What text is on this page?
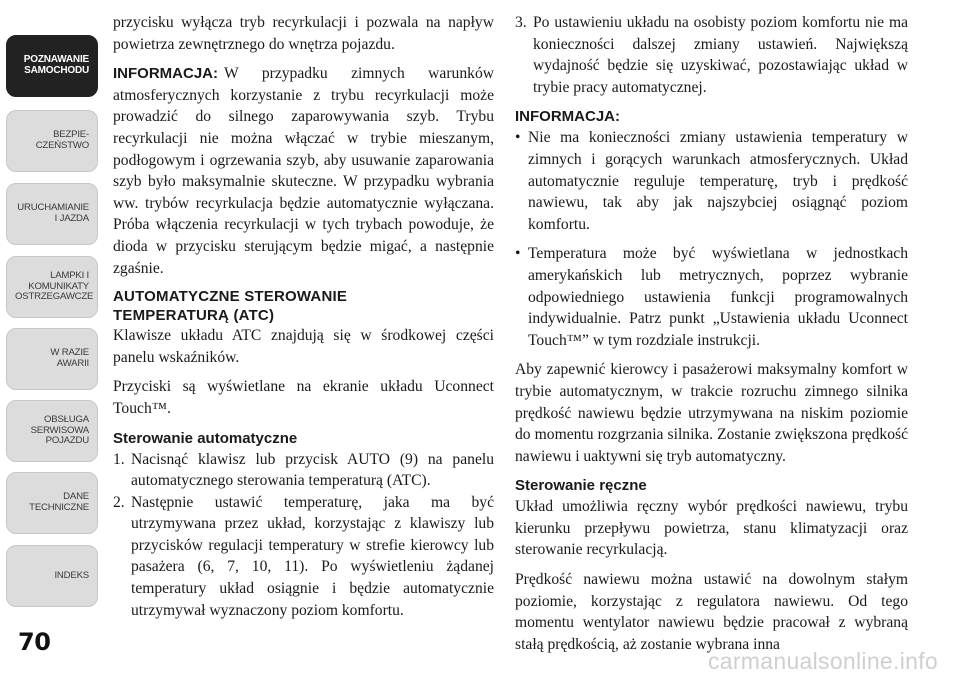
POZNAWANIE
SAMOCHODU
BEZPIE-
CZEŃSTWO
URUCHAMIANIE
I JAZDA
LAMPKI I
KOMUNIKATY
OSTRZEGAWCZE
W RAZIE
AWARII
OBSŁUGA
SERWISOWA
POJAZDU
DANE
TECHNICZNE
INDEKS
70

przycisku wyłącza tryb recyrkulacji i pozwala na napływ powietrza zewnętrznego do wnętrza pojazdu.

INFORMACJA: W przypadku zimnych warunków atmosferycznych korzystanie z trybu recyrkulacji może prowadzić do silnego zaparowywania szyb. Trybu recyrkulacji nie można włączać w trybie mieszanym, podłogowym i ogrzewania szyb, aby usuwanie zaparowania szyb było maksymalnie skuteczne. W przypadku wybrania ww. trybów recyrkulacja będzie automatycznie wyłączana. Próba włączenia recyrkulacji w tych trybach powoduje, że dioda w przycisku sterującym będzie migać, a następnie zgaśnie.

AUTOMATYCZNE STEROWANIE
TEMPERATURĄ (ATC)

Klawisze układu ATC znajdują się w środkowej części panelu wskaźników.

Przyciski są wyświetlane na ekranie układu Uconnect Touch™.

Sterowanie automatyczne
1. Nacisnąć klawisz lub przycisk AUTO (9) na panelu automatycznego sterowania temperaturą (ATC).
2. Następnie ustawić temperaturę, jaka ma być utrzymywana przez układ, korzystając z klawiszy lub przycisków regulacji temperatury w strefie kierowcy lub pasażera (6, 7, 10, 11). Po wyświetleniu żądanej temperatury układ osiągnie i będzie automatycznie utrzymywał wyznaczony poziom komfortu.
3. Po ustawieniu układu na osobisty poziom komfortu nie ma konieczności dalszej zmiany ustawień. Największą wydajność będzie się uzyskiwać, pozostawiając układ w trybie pracy automatycznej.
INFORMACJA:
• Nie ma konieczności zmiany ustawienia temperatury w zimnych i gorących warunkach atmosferycznych. Układ automatycznie reguluje temperaturę, tryb i prędkość nawiewu, tak aby jak najszybciej osiągnąć poziom komfortu.
• Temperatura może być wyświetlana w jednostkach amerykańskich lub metrycznych, poprzez wybranie odpowiedniego ustawienia funkcji programowalnych indywidualnie. Patrz punkt „Ustawienia układu Uconnect Touch™” w tym rozdziale instrukcji.

Aby zapewnić kierowcy i pasażerowi maksymalny komfort w trybie automatycznym, w trakcie rozruchu zimnego silnika prędkość nawiewu będzie utrzymywana na niskim poziomie do momentu rozgrzania silnika. Zostanie zwiększona prędkość nawiewu i uaktywni się tryb automatyczny.

Sterowanie ręczne

Układ umożliwia ręczny wybór prędkości nawiewu, trybu kierunku przepływu powietrza, stanu klimatyzacji oraz sterowanie recyrkulacją.

Prędkość nawiewu można ustawić na dowolnym stałym poziomie, korzystając z regulatora nawiewu. Od tego momentu wentylator nawiewu będzie pracował z wybraną stałą prędkością, aż zostanie wybrana inna

carmanualsonline.info
